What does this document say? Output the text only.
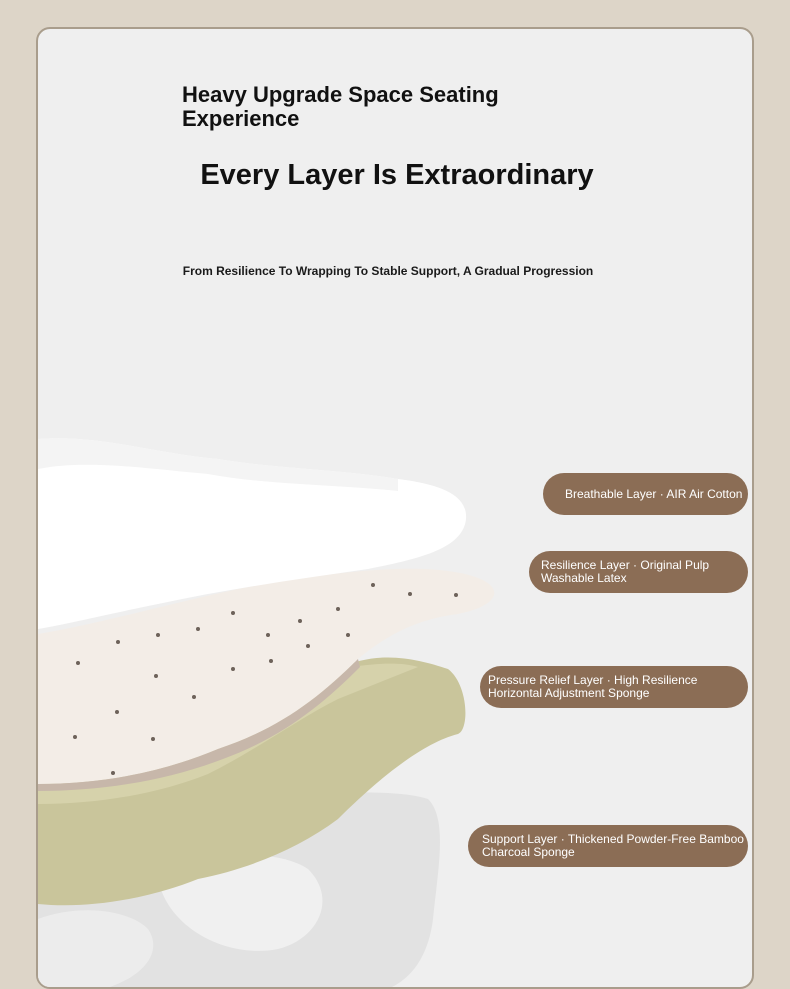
Heavy Upgrade Space Seating Experience
Every Layer Is Extraordinary
From Resilience To Wrapping To Stable Support, A Gradual Progression
Breathable Layer · AIR Air Cotton
Resilience Layer · Original Pulp Washable Latex
Pressure Relief Layer · High Resilience Horizontal Adjustment Sponge
Support Layer · Thickened Powder-Free Bamboo Charcoal Sponge
